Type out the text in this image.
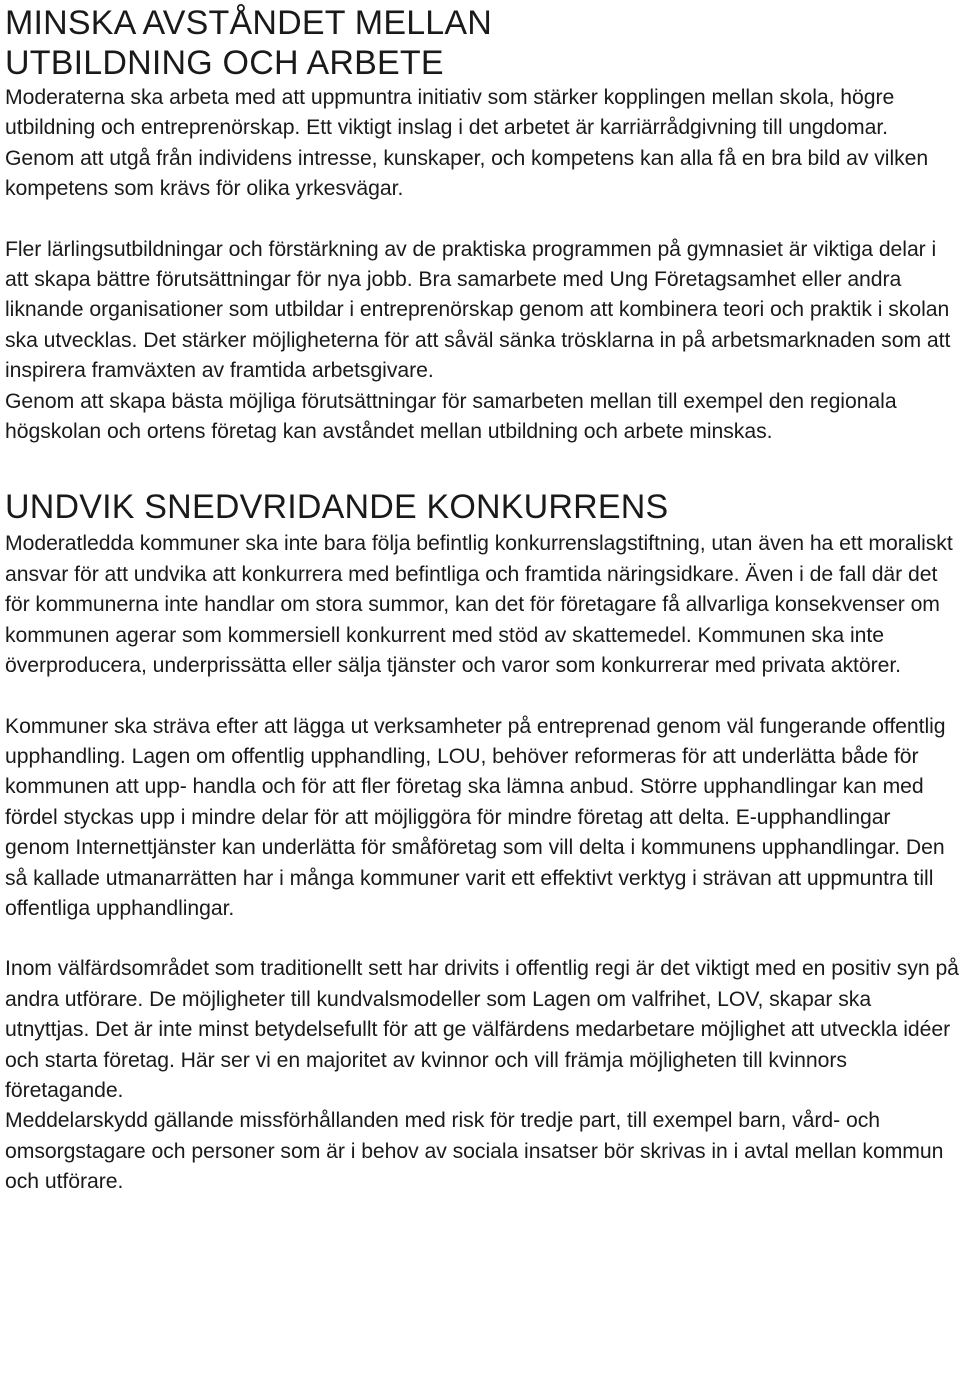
MINSKA AVSTÅNDET MELLAN
UTBILDNING OCH ARBETE

Moderaterna ska arbeta med att uppmuntra initiativ som stärker kopplingen mellan skola, högre utbildning och entreprenörskap. Ett viktigt inslag i det arbetet är karriärrådgivning till ungdomar. Genom att utgå från individens intresse, kunskaper, och kompetens kan alla få en bra bild av vilken kompetens som krävs för olika yrkesvägar.

Fler lärlingsutbildningar och förstärkning av de praktiska programmen på gymnasiet är viktiga delar i att skapa bättre förutsättningar för nya jobb. Bra samarbete med Ung Företagsamhet eller andra liknande organisationer som utbildar i entreprenörskap genom att kombinera teori och praktik i skolan ska utvecklas. Det stärker möjligheterna för att såväl sänka trösklarna in på arbetsmarknaden som att inspirera framväxten av framtida arbetsgivare.

Genom att skapa bästa möjliga förutsättningar för samarbeten mellan till exempel den regionala högskolan och ortens företag kan avståndet mellan utbildning och arbete minskas.

UNDVIK SNEDVRIDANDE KONKURRENS

Moderatledda kommuner ska inte bara följa befintlig konkurrenslagstiftning, utan även ha ett moraliskt ansvar för att undvika att konkurrera med befintliga och framtida näringsidkare. Även i de fall där det för kommunerna inte handlar om stora summor, kan det för företagare få allvarliga konsekvenser om kommunen agerar som kommersiell konkurrent med stöd av skattemedel. Kommunen ska inte överproducera, underprissätta eller sälja tjänster och varor som konkurrerar med privata aktörer.

Kommuner ska sträva efter att lägga ut verksamheter på entreprenad genom väl fungerande offentlig upphandling. Lagen om offentlig upphandling, LOU, behöver reformeras för att underlätta både för kommunen att upp- handla och för att fler företag ska lämna anbud. Större upphandlingar kan med fördel styckas upp i mindre delar för att möjliggöra för mindre företag att delta. E-upphandlingar genom Internettjänster kan underlätta för småföretag som vill delta i kommunens upphandlingar. Den så kallade utmanarrätten har i många kommuner varit ett effektivt verktyg i strävan att uppmuntra till offentliga upphandlingar.

Inom välfärdsområdet som traditionellt sett har drivits i offentlig regi är det viktigt med en positiv syn på andra utförare. De möjligheter till kundvalsmodeller som Lagen om valfrihet, LOV, skapar ska utnyttjas. Det är inte minst betydelsefullt för att ge välfärdens medarbetare möjlighet att utveckla idéer och starta företag. Här ser vi en majoritet av kvinnor och vill främja möjligheten till kvinnors företagande.

Meddelarskydd gällande missförhållanden med risk för tredje part, till exempel barn, vård- och omsorgstagare och personer som är i behov av sociala insatser bör skrivas in i avtal mellan kommun och utförare.
